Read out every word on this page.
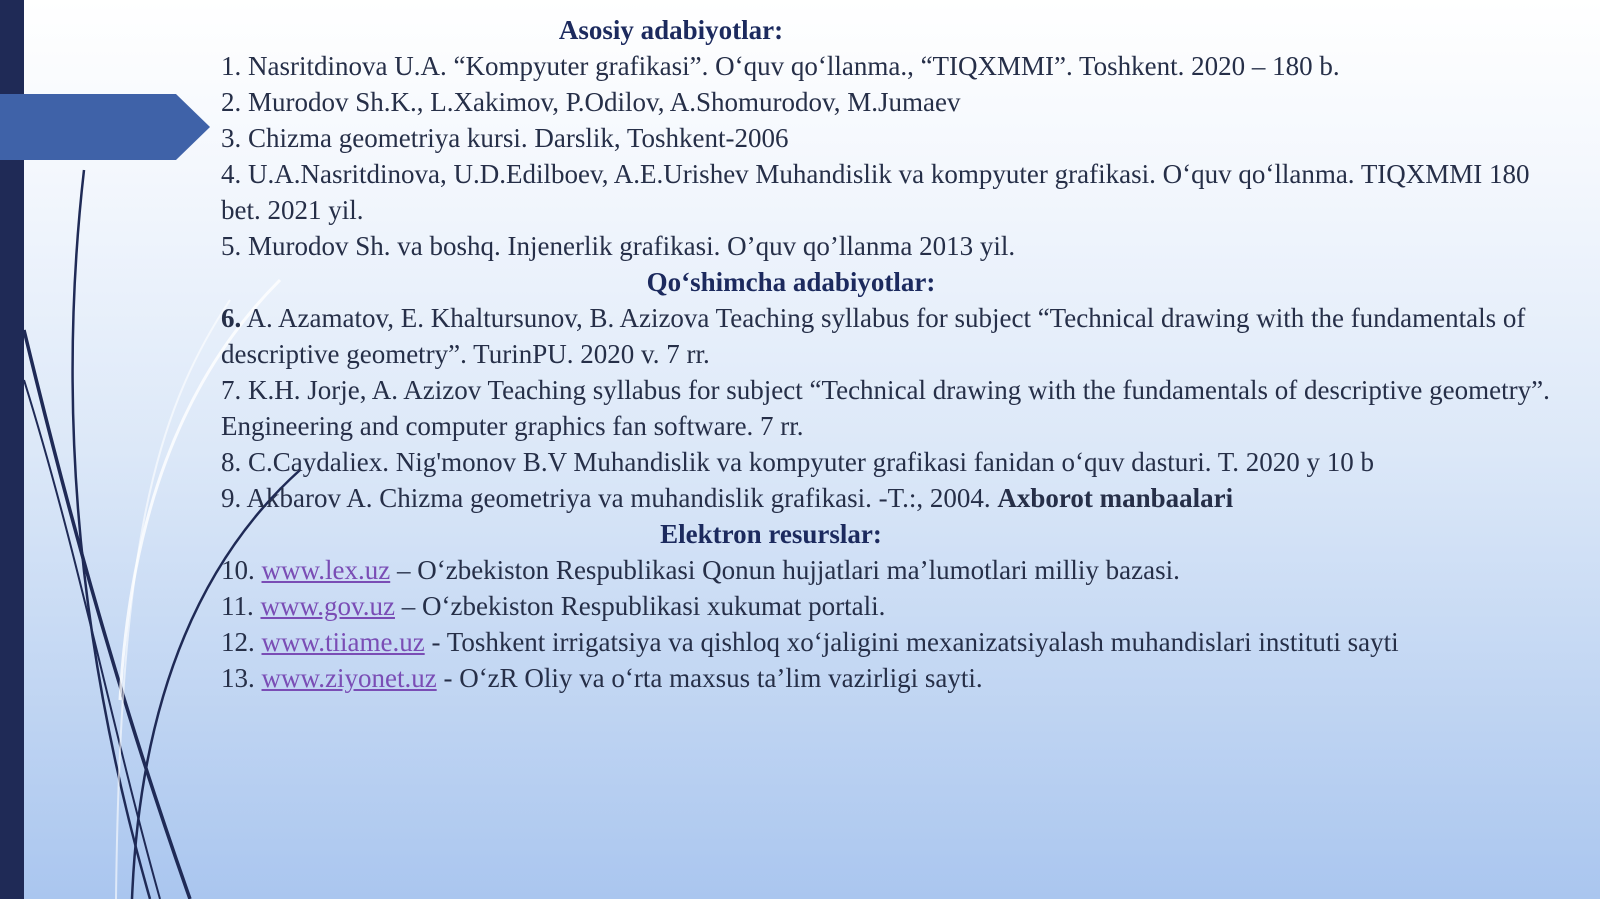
Asosiy adabiyotlar:

1. Nasritdinova U.A. “Kompyuter grafikasi”. O‘quv qo‘llanma., “TIQXMMI”. Toshkent. 2020 – 180 b.

2. Murodov Sh.K., L.Xakimov, P.Odilov, A.Shomurodov, M.Jumaev

3. Chizma geometriya kursi. Darslik, Toshkent-2006

4. U.A.Nasritdinova, U.D.Edilboev, A.E.Urishev Muhandislik va kompyuter grafikasi. O‘quv qo‘llanma. TIQXMMI 180 bet. 2021 yil.

5. Murodov Sh. va boshq. Injenerlik grafikasi. O’quv qo’llanma 2013 yil.

Qo‘shimcha adabiyotlar:

6. A. Azamatov, E. Khaltursunov, B. Azizova Teaching syllabus for subject “Technical drawing with the fundamentals of descriptive geometry”. TurinPU. 2020 v. 7 rr.

7. K.H. Jorje, A. Azizov Teaching syllabus for subject “Technical drawing with the fundamentals of descriptive geometry”. Engineering and computer graphics fan software. 7 rr.

8. C.Caydaliex. Nig'monov B.V Muhandislik va kompyuter grafikasi fanidan o‘quv dasturi. T. 2020 y 10 b

9. Akbarov A. Chizma geometriya va muhandislik grafikasi. -T.:, 2004. Axborot manbaalari

Elektron resurslar:

10. www.lex.uz – O‘zbekiston Respublikasi Qonun hujjatlari ma’lumotlari milliy bazasi.

11. www.gov.uz – O‘zbekiston Respublikasi xukumat portali.

12. www.tiiame.uz - Toshkent irrigatsiya va qishloq xo‘jaligini mexanizatsiyalash muhandislari instituti sayti

13. www.ziyonet.uz - O‘zR Oliy va o‘rta maxsus ta’lim vazirligi sayti.
